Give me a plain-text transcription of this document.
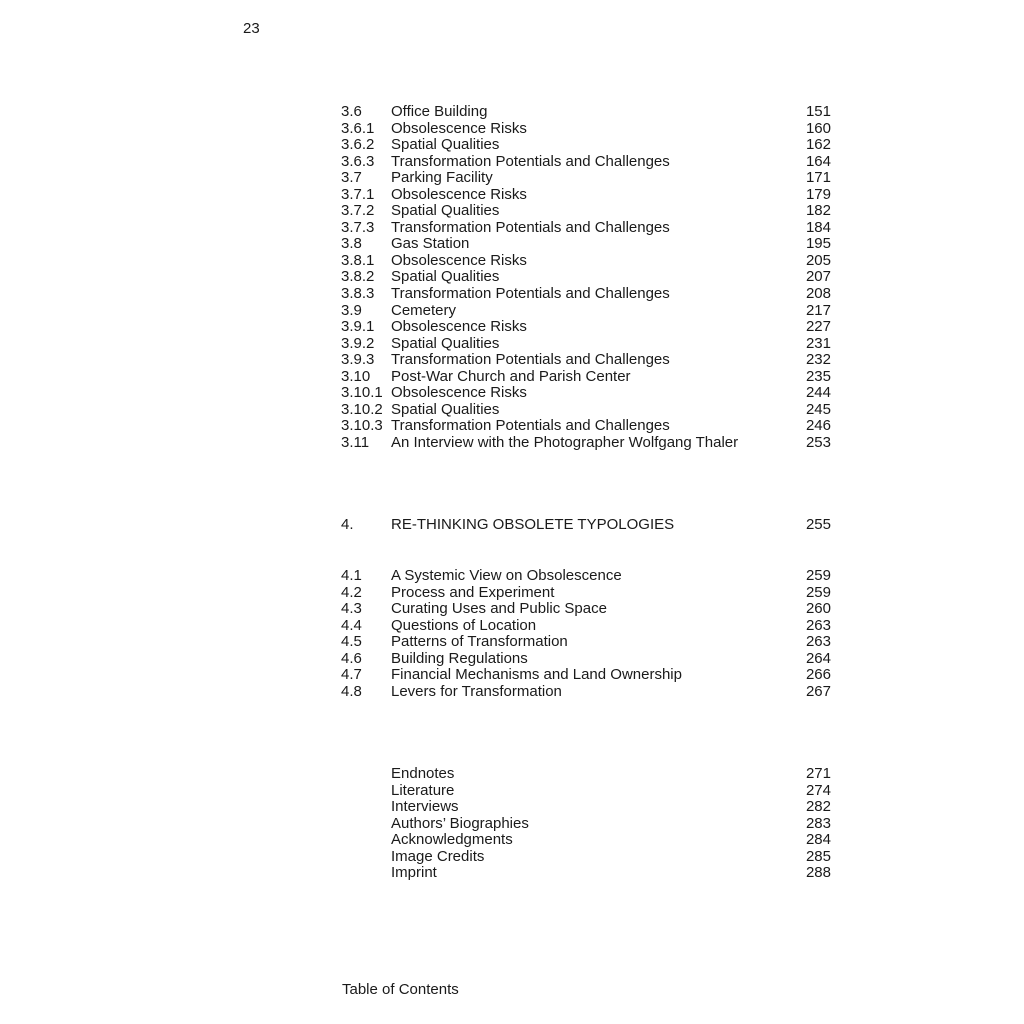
23
3.6	Office Building	151
3.6.1	Obsolescence Risks	160
3.6.2	Spatial Qualities	162
3.6.3	Transformation Potentials and Challenges	164
3.7	Parking Facility	171
3.7.1	Obsolescence Risks	179
3.7.2	Spatial Qualities	182
3.7.3	Transformation Potentials and Challenges	184
3.8	Gas Station	195
3.8.1	Obsolescence Risks	205
3.8.2	Spatial Qualities	207
3.8.3	Transformation Potentials and Challenges	208
3.9	Cemetery	217
3.9.1	Obsolescence Risks	227
3.9.2	Spatial Qualities	231
3.9.3	Transformation Potentials and Challenges	232
3.10	Post-War Church and Parish Center	235
3.10.1 Obsolescence Risks	244
3.10.2 Spatial Qualities	245
3.10.3 Transformation Potentials and Challenges	246
3.11	An Interview with the Photographer Wolfgang Thaler	253
4.	RE-THINKING OBSOLETE TYPOLOGIES	255
4.1	A Systemic View on Obsolescence	259
4.2	Process and Experiment	259
4.3	Curating Uses and Public Space	260
4.4	Questions of Location	263
4.5	Patterns of Transformation	263
4.6	Building Regulations	264
4.7	Financial Mechanisms and Land Ownership	266
4.8	Levers for Transformation	267
Endnotes	271
Literature	274
Interviews	282
Authors’ Biographies	283
Acknowledgments	284
Image Credits	285
Imprint	288
Table of Contents
